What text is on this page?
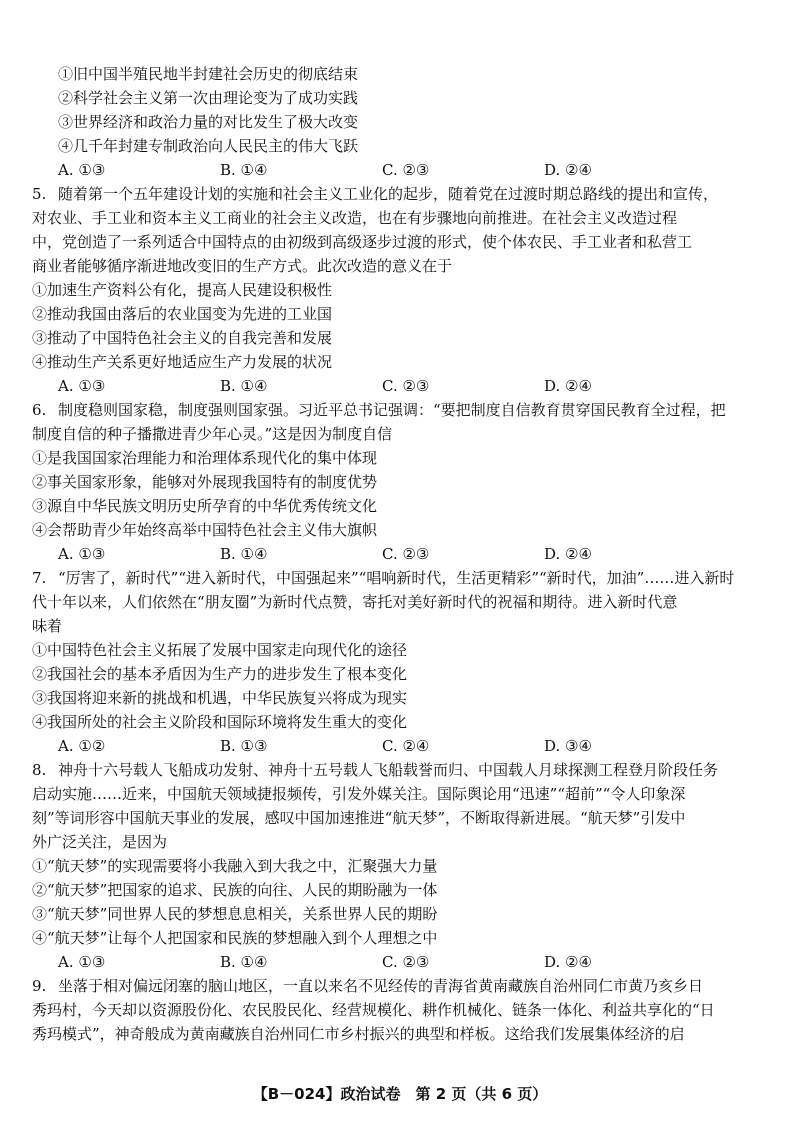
①旧中国半殖民地半封建社会历史的彻底结束
②科学社会主义第一次由理论变为了成功实践
③世界经济和政治力量的对比发生了极大改变
④几千年封建专制政治向人民民主的伟大飞跃
A. ①③	B. ①④	C. ②③	D. ②④
5. 随着第一个五年建设计划的实施和社会主义工业化的起步，随着党在过渡时期总路线的提出和宣传，
对农业、手工业和资本主义工商业的社会主义改造，也在有步骤地向前推进。在社会主义改造过程
中，党创造了一系列适合中国特点的由初级到高级逐步过渡的形式，使个体农民、手工业者和私营工
商业者能够循序渐进地改变旧的生产方式。此次改造的意义在于
①加速生产资料公有化，提高人民建设积极性
②推动我国由落后的农业国变为先进的工业国
③推动了中国特色社会主义的自我完善和发展
④推动生产关系更好地适应生产力发展的状况
A. ①③	B. ①④	C. ②③	D. ②④
6. 制度稳则国家稳，制度强则国家强。习近平总书记强调：“要把制度自信教育贯穿国民教育全过程，把
制度自信的种子播撒进青少年心灵。”这是因为制度自信
①是我国国家治理能力和治理体系现代化的集中体现
②事关国家形象，能够对外展现我国特有的制度优势
③源自中华民族文明历史所孕育的中华优秀传统文化
④会帮助青少年始终高举中国特色社会主义伟大旗帜
A. ①③	B. ①④	C. ②③	D. ②④
7. “厉害了，新时代”“进入新时代，中国强起来”“唱响新时代，生活更精彩”“新时代，加油”……进入新时
代十年以来，人们依然在“朋友圈”为新时代点赞，寄托对美好新时代的祝福和期待。进入新时代意
味着
①中国特色社会主义拓展了发展中国家走向现代化的途径
②我国社会的基本矛盾因为生产力的进步发生了根本变化
③我国将迎来新的挑战和机遇，中华民族复兴将成为现实
④我国所处的社会主义阶段和国际环境将发生重大的变化
A. ①②	B. ①③	C. ②④	D. ③④
8. 神舟十六号载人飞船成功发射、神舟十五号载人飞船载誉而归、中国载人月球探测工程登月阶段任务
启动实施……近来，中国航天领域捷报频传，引发外媒关注。国际舆论用“迅速”“超前”“令人印象深
刻”等词形容中国航天事业的发展，感叹中国加速推进“航天梦”，不断取得新进展。“航天梦”引发中
外广泛关注，是因为
①“航天梦”的实现需要将小我融入到大我之中，汇聚强大力量
②“航天梦”把国家的追求、民族的向往、人民的期盼融为一体
③“航天梦”同世界人民的梦想息息相关，关系世界人民的期盼
④“航天梦”让每个人把国家和民族的梦想融入到个人理想之中
A. ①③	B. ①④	C. ②③	D. ②④
9. 坐落于相对偏远闭塞的脑山地区，一直以来名不见经传的青海省黄南藏族自治州同仁市黄乃亥乡日
秀玛村，今天却以资源股份化、农民股民化、经营规模化、耕作机械化、链条一体化、利益共享化的“日
秀玛模式”，神奇般成为黄南藏族自治州同仁市乡村振兴的典型和样板。这给我们发展集体经济的启
【B－024】政治试卷　第 2 页（共 6 页）
